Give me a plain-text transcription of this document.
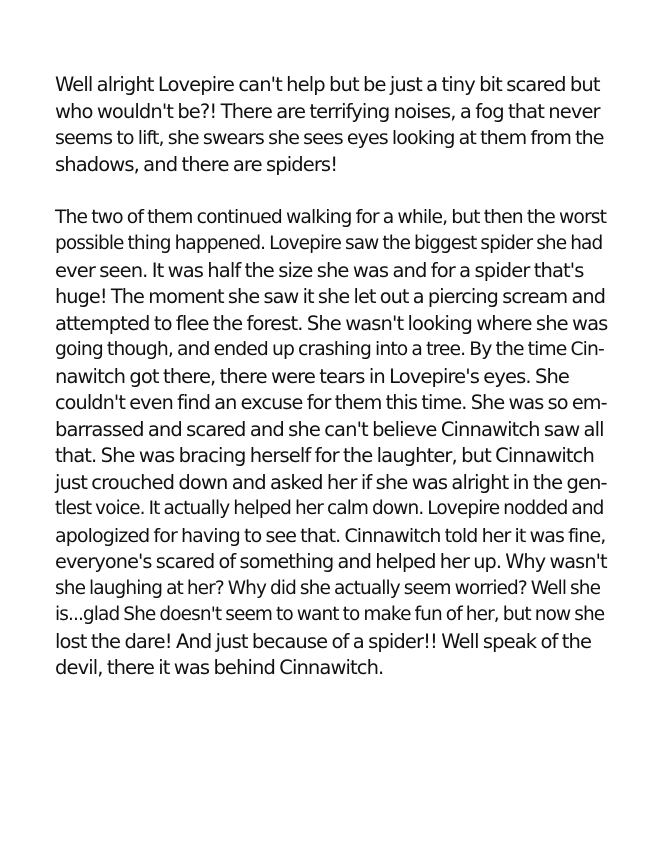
Well alright Lovepire can't help but be just a tiny bit scared but
who wouldn't be?! There are terrifying noises, a fog that never
seems to lift, she swears she sees eyes looking at them from the
shadows, and there are spiders!
The two of them continued walking for a while, but then the worst
possible thing happened. Lovepire saw the biggest spider she had
ever seen. It was half the size she was and for a spider that's
huge! The moment she saw it she let out a piercing scream and
attempted to flee the forest. She wasn't looking where she was
going though, and ended up crashing into a tree. By the time Cin-
nawitch got there, there were tears in Lovepire's eyes. She
couldn't even find an excuse for them this time. She was so em-
barrassed and scared and she can't believe Cinnawitch saw all
that. She was bracing herself for the laughter, but Cinnawitch
just crouched down and asked her if she was alright in the gen-
tlest voice. It actually helped her calm down. Lovepire nodded and
apologized for having to see that. Cinnawitch told her it was fine,
everyone's scared of something and helped her up. Why wasn't
she laughing at her? Why did she actually seem worried? Well she
is...glad She doesn't seem to want to make fun of her, but now she
lost the dare! And just because of a spider!! Well speak of the
devil, there it was behind Cinnawitch.
